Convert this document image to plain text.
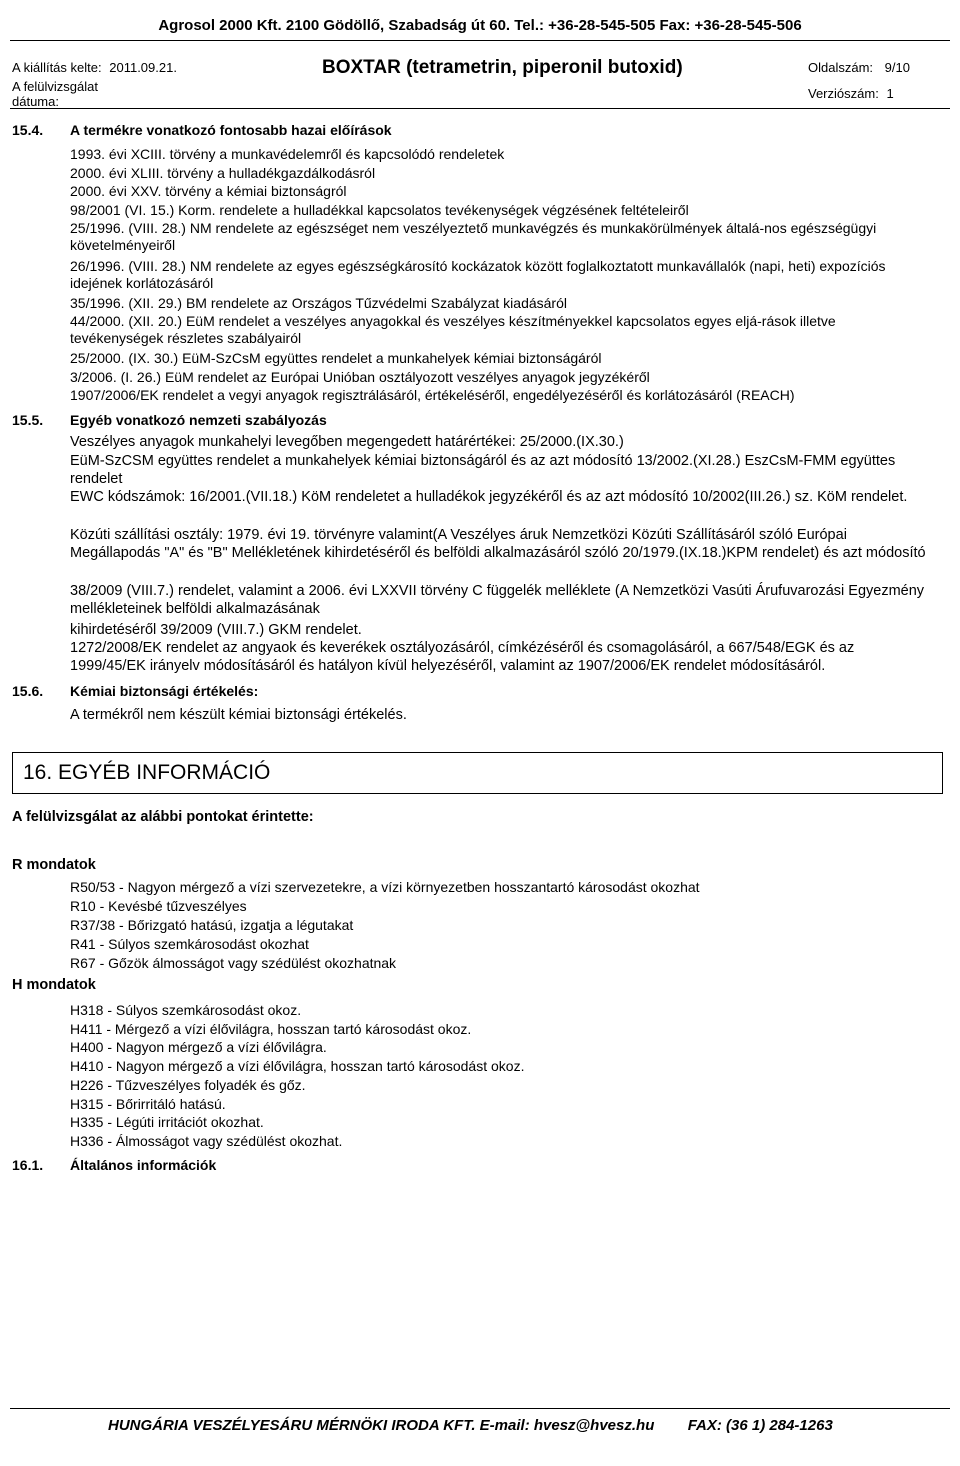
Agrosol 2000 Kft. 2100 Gödöllő, Szabadság út 60. Tel.: +36-28-545-505 Fax: +36-28-545-506
A kiállítás kelte: 2011.09.21.
A felülvizsgálat
dátuma:
BOXTAR (tetrametrin, piperonil butoxid)	Oldalszám: 9/10
Verziószám: 1
15.4. A termékre vonatkozó fontosabb hazai előírások
1993. évi XCIII. törvény a munkavédelemről és kapcsolódó rendeletek
2000. évi XLIII. törvény a hulladékgazdálkodásról
2000. évi XXV. törvény a kémiai biztonságról
98/2001 (VI. 15.) Korm. rendelete a hulladékkal kapcsolatos tevékenységek végzésének feltételeiről
25/1996. (VIII. 28.) NM rendelete az egészséget nem veszélyeztető munkavégzés és munkakörülmények általá-nos egészségügyi követelményeiről
26/1996. (VIII. 28.) NM rendelete az egyes egészségkárosító kockázatok között foglalkoztatott munkavállalók (napi, heti) expozíciós idejének korlátozásáról
35/1996. (XII. 29.) BM rendelete az Országos Tűzvédelmi Szabályzat kiadásáról
44/2000. (XII. 20.) EüM rendelet a veszélyes anyagokkal és veszélyes készítményekkel kapcsolatos egyes eljá-rások illetve tevékenységek részletes szabályairól
25/2000. (IX. 30.) EüM-SzCsM együttes rendelet a munkahelyek kémiai biztonságáról
3/2006. (I. 26.) EüM rendelet az Európai Unióban osztályozott veszélyes anyagok jegyzékéről
1907/2006/EK rendelet a vegyi anyagok regisztrálásáról, értékeléséről, engedélyezéséről és korlátozásáról (REACH)
15.5. Egyéb vonatkozó nemzeti szabályozás
Veszélyes anyagok munkahelyi levegőben megengedett határértékei: 25/2000.(IX.30.)
EüM-SzCSM együttes rendelet a munkahelyek kémiai biztonságáról és az azt módosító 13/2002.(XI.28.) EszCsM-FMM együttes rendelet
EWC kódszámok: 16/2001.(VII.18.) KöM rendeletet a hulladékok jegyzékéről és az azt módosító 10/2002(III.26.) sz. KöM rendelet.
Közúti szállítási osztály: 1979. évi 19. törvényre valamint(A Veszélyes áruk Nemzetközi Közúti Szállításáról szóló Európai Megállapodás "A" és "B" Mellékletének kihirdetéséről és belföldi alkalmazásáról szóló 20/1979.(IX.18.)KPM rendelet) és azt módosító
38/2009 (VIII.7.) rendelet, valamint a 2006. évi LXXVII törvény C függelék melléklete (A Nemzetközi Vasúti Árufuvarozási Egyezmény mellékleteinek belföldi alkalmazásának
kihirdetéséről 39/2009 (VIII.7.) GKM rendelet.
1272/2008/EK rendelet az angyaok és keverékek osztályozásáról, címkézéséről és csomagolásáról, a 667/548/EGK és az 1999/45/EK irányelv módosításáról és hatályon kívül helyezéséről, valamint az 1907/2006/EK rendelet módosításáról.
15.6. Kémiai biztonsági értékelés:
A termékről nem készült kémiai biztonsági értékelés.
16. EGYÉB INFORMÁCIÓ
A felülvizsgálat az alábbi pontokat érintette:
R mondatok
R50/53 - Nagyon mérgező a vízi szervezetekre, a vízi környezetben hosszantartó károsodást okozhat
R10 - Kevésbé tűzveszélyes
R37/38 - Bőrizgató hatású, izgatja a légutakat
R41 - Súlyos szemkárosodást okozhat
R67 - Gőzök álmosságot vagy szédülést okozhatnak
H mondatok
H318 - Súlyos szemkárosodást okoz.
H411 - Mérgező a vízi élővilágra, hosszan tartó károsodást okoz.
H400 - Nagyon mérgező a vízi élővilágra.
H410 - Nagyon mérgező a vízi élővilágra, hosszan tartó károsodást okoz.
H226 - Tűzveszélyes folyadék és gőz.
H315 - Bőrirritáló hatású.
H335 - Légúti irritációt okozhat.
H336 - Álmosságot vagy szédülést okozhat.
16.1. Általános információk
HUNGÁRIA VESZÉLYESÁRU MÉRNÖKI IRODA KFT. E-mail: hvesz@hvesz.hu FAX: (36 1) 284-1263
